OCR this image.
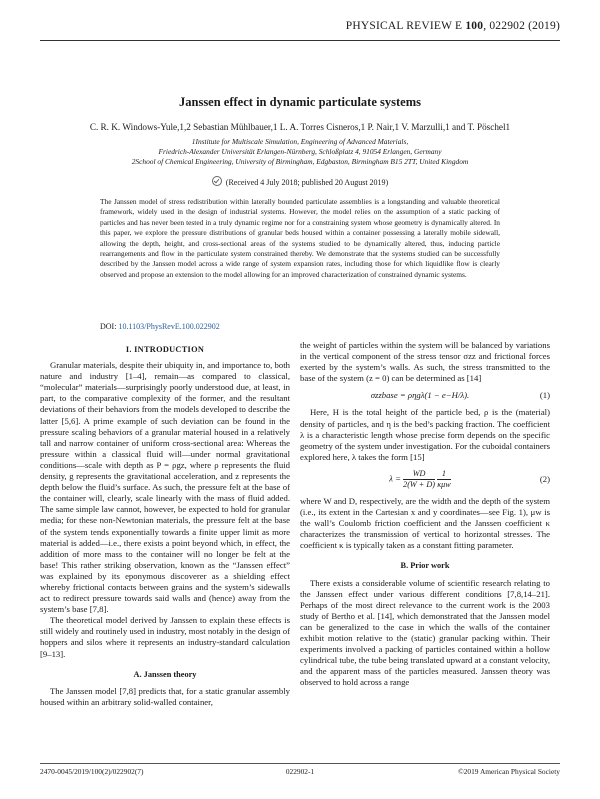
PHYSICAL REVIEW E 100, 022902 (2019)
Janssen effect in dynamic particulate systems
C. R. K. Windows-Yule,1,2 Sebastian Mühlbauer,1 L. A. Torres Cisneros,1 P. Nair,1 V. Marzulli,1 and T. Pöschel1
1Institute for Multiscale Simulation, Engineering of Advanced Materials,
Friedrich-Alexander Universität Erlangen-Nürnberg, Schloßplatz 4, 91054 Erlangen, Germany
2School of Chemical Engineering, University of Birmingham, Edgbaston, Birmingham B15 2TT, United Kingdom
(Received 4 July 2018; published 20 August 2019)
The Janssen model of stress redistribution within laterally bounded particulate assemblies is a longstanding and valuable theoretical framework, widely used in the design of industrial systems. However, the model relies on the assumption of a static packing of particles and has never been tested in a truly dynamic regime nor for a constraining system whose geometry is dynamically altered. In this paper, we explore the pressure distributions of granular beds housed within a container possessing a laterally mobile sidewall, allowing the depth, height, and cross-sectional areas of the systems studied to be dynamically altered, thus, inducing particle rearrangements and flow in the particulate system constrained thereby. We demonstrate that the systems studied can be successfully described by the Janssen model across a wide range of system expansion rates, including those for which liquidlike flow is clearly observed and propose an extension to the model allowing for an improved characterization of constrained dynamic systems.
DOI: 10.1103/PhysRevE.100.022902
I. INTRODUCTION

Granular materials, despite their ubiquity in, and importance to, both nature and industry [1–4], remain—as compared to classical, “molecular” materials—surprisingly poorly understood due, at least, in part, to the comparative complexity of the former, and the resultant deviations of their behaviors from the models developed to describe the latter [5,6]. A prime example of such deviation can be found in the pressure scaling behaviors of a granular material housed in a relatively tall and narrow container of uniform cross-sectional area: Whereas the pressure within a classical fluid will—under normal gravitational conditions—scale with depth as P = ρgz, where ρ represents the fluid density, g represents the gravitational acceleration, and z represents the depth below the fluid’s surface. As such, the pressure felt at the base of the container will, clearly, scale linearly with the mass of fluid added. The same simple law cannot, however, be expected to hold for granular media; for these non-Newtonian materials, the pressure felt at the base of the system tends exponentially towards a finite upper limit as more material is added—i.e., there exists a point beyond which, in effect, the addition of more mass to the container will no longer be felt at the base! This rather striking observation, known as the “Janssen effect” was explained by its eponymous discoverer as a shielding effect whereby frictional contacts between grains and the system’s sidewalls act to redirect pressure towards said walls and (hence) away from the system’s base [7,8].

The theoretical model derived by Janssen to explain these effects is still widely and routinely used in industry, most notably in the design of hoppers and silos where it represents an industry-standard calculation [9–13].

A. Janssen theory

The Janssen model [7,8] predicts that, for a static granular assembly housed within an arbitrary solid-walled container,

the weight of particles within the system will be balanced by variations in the vertical component of the stress tensor σzz and frictional forces exerted by the system’s walls. As such, the stress transmitted to the base of the system (z = 0) can be determined as [14]

σzzbase = ρηgλ(1 − e−H/λ).	(1)

Here, H is the total height of the particle bed, ρ is the (material) density of particles, and η is the bed’s packing fraction. The coefficient λ is a characteristic length whose precise form depends on the specific geometry of the system under investigation. For the cuboidal containers explored here, λ takes the form [15]

$\lambda = \frac{WD}{2(W + D)}$
$\frac{1}{\text{κμw}}$	(2)

where W and D, respectively, are the width and the depth of the system (i.e., its extent in the Cartesian x and y coordinates—see Fig. 1), μw is the wall’s Coulomb friction coefficient and the Janssen coefficient κ characterizes the transmission of vertical to horizontal stresses. The coefficient κ is typically taken as a constant fitting parameter.

B. Prior work

There exists a considerable volume of scientific research relating to the Janssen effect under various different conditions [7,8,14–21]. Perhaps of the most direct relevance to the current work is the 2003 study of Bertho et al. [14], which demonstrated that the Janssen model can be generalized to the case in which the walls of the container exhibit motion relative to the (static) granular packing within. Their experiments involved a packing of particles contained within a hollow cylindrical tube, the tube being translated upward at a constant velocity, and the apparent mass of the particles measured. Janssen theory was observed to hold across a range

2470-0045/2019/100(2)/022902(7)	022902-1	©2019 American Physical Society
